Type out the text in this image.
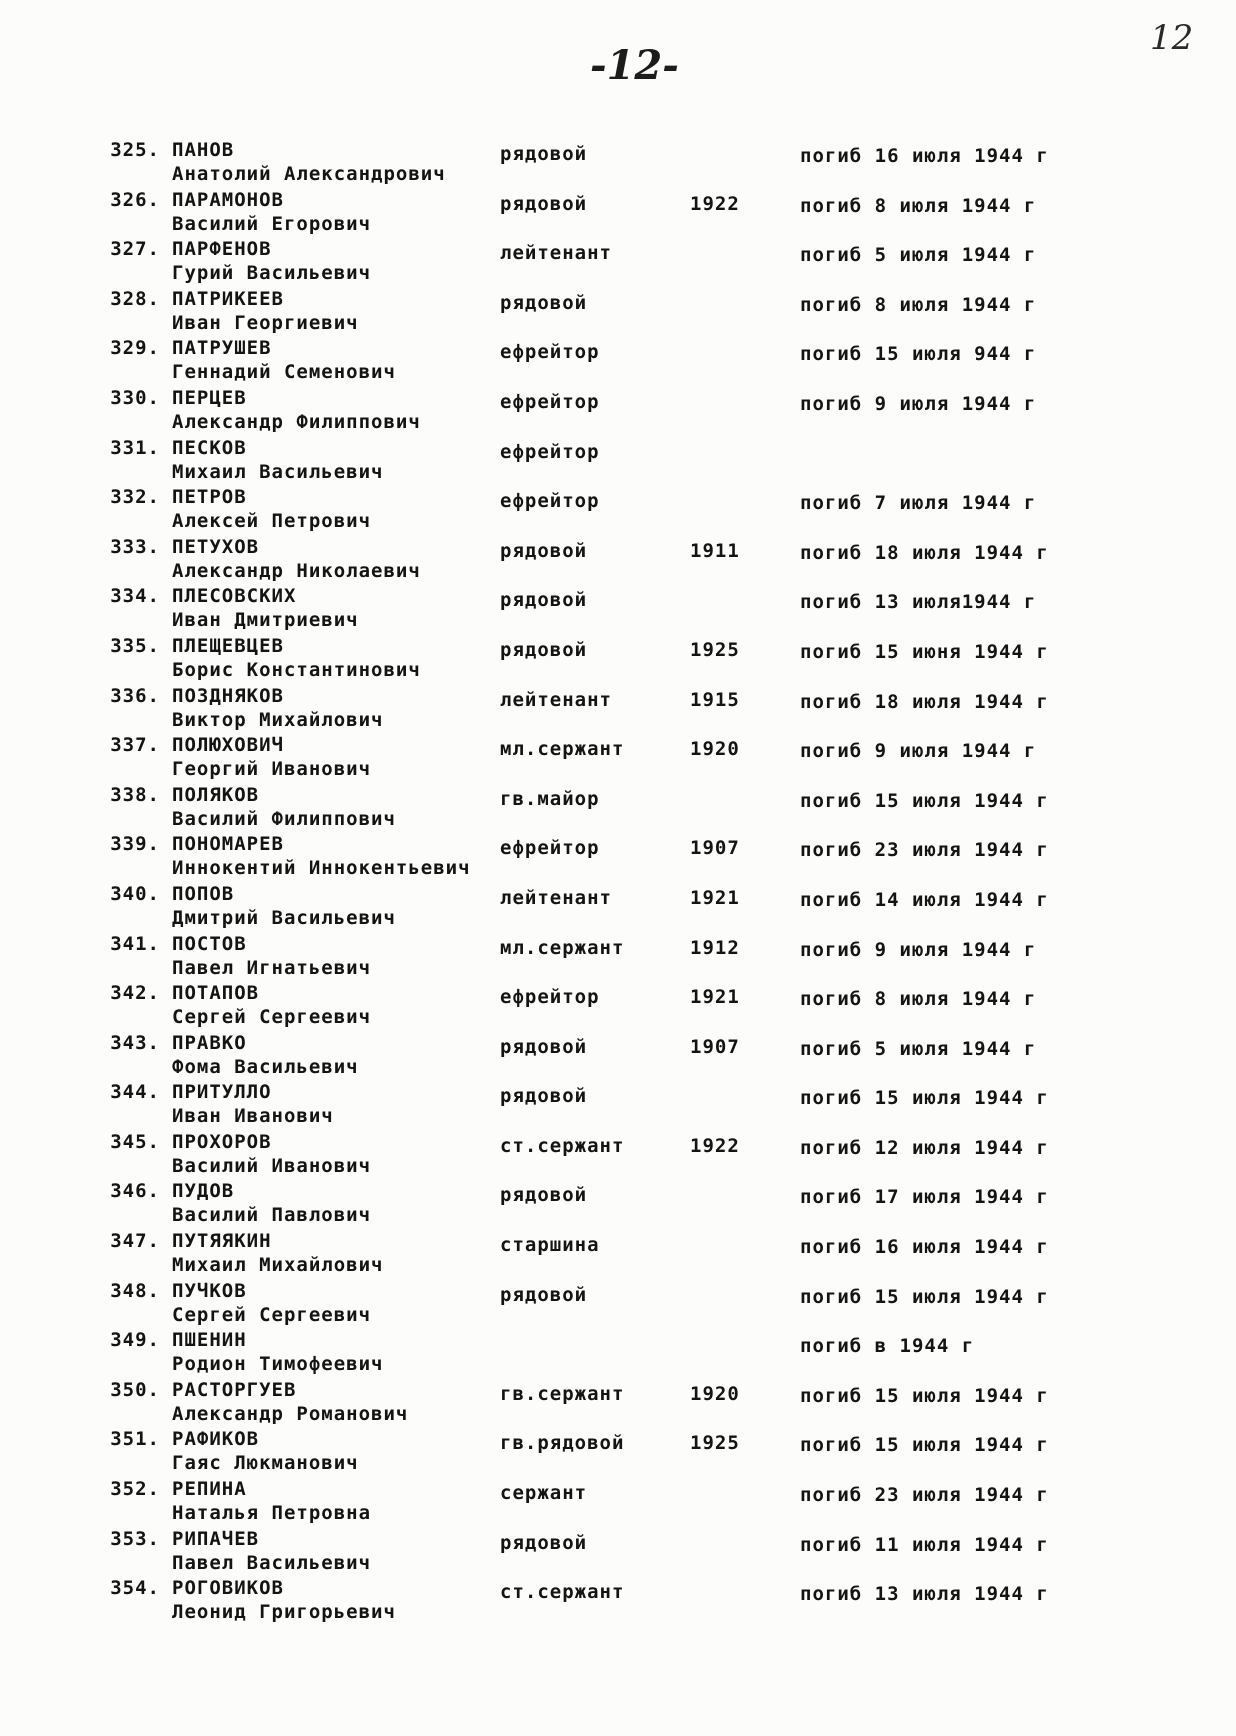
12
-12-
325. ПАНОВ
Анатолий Александрович
рядовой	погиб 16 июля 1944 г
326. ПАРАМОНОВ
Василий Егорович
рядовой	1922	погиб 8 июля 1944 г
327. ПАРФЕНОВ
Гурий Васильевич
лейтенант	погиб 5 июля 1944 г
328. ПАТРИКЕЕВ
Иван Георгиевич
рядовой	погиб 8 июля 1944 г
329. ПАТРУШЕВ
Геннадий Семенович
ефрейтор	погиб 15 июля 944 г
330. ПЕРЦЕВ
Александр Филиппович
ефрейтор	погиб 9 июля 1944 г
331. ПЕСКОВ
Михаил Васильевич
ефрейтор
332. ПЕТРОВ
Алексей Петрович
ефрейтор	погиб 7 июля 1944 г
333. ПЕТУХОВ
Александр Николаевич
рядовой	1911	погиб 18 июля 1944 г
334. ПЛЕСОВСКИХ
Иван Дмитриевич
рядовой	погиб 13 июля1944 г
335. ПЛЕЩЕВЦЕВ
Борис Константинович
рядовой	1925	погиб 15 июня 1944 г
336. ПОЗДНЯКОВ
Виктор Михайлович
лейтенант	1915	погиб 18 июля 1944 г
337. ПОЛЮХОВИЧ
Георгий Иванович
мл.сержант	1920	погиб 9 июля 1944 г
338. ПОЛЯКОВ
Василий Филиппович
гв.майор	погиб 15 июля 1944 г
339. ПОНОМАРЕВ
Иннокентий Иннокентьевич
ефрейтор	1907	погиб 23 июля 1944 г
340. ПОПОВ
Дмитрий Васильевич
лейтенант	1921	погиб 14 июля 1944 г
341. ПОСТОВ
Павел Игнатьевич
мл.сержант	1912	погиб 9 июля 1944 г
342. ПОТАПОВ
Сергей Сергеевич
ефрейтор	1921	погиб 8 июля 1944 г
343. ПРАВКО
Фома Васильевич
рядовой	1907	погиб 5 июля 1944 г
344. ПРИТУЛЛО
Иван Иванович
рядовой	погиб 15 июля 1944 г
345. ПРОХОРОВ
Василий Иванович
ст.сержант	1922	погиб 12 июля 1944 г
346. ПУДОВ
Василий Павлович
рядовой	погиб 17 июля 1944 г
347. ПУТЯЯКИН
Михаил Михайлович
старшина	погиб 16 июля 1944 г
348. ПУЧКОВ
Сергей Сергеевич
рядовой	погиб 15 июля 1944 г
349. ПШЕНИН
Родион Тимофеевич
погиб в 1944 г
350. РАСТОРГУЕВ
Александр Романович
гв.сержант	1920	погиб 15 июля 1944 г
351. РАФИКОВ
Гаяс Люкманович
гв.рядовой	1925	погиб 15 июля 1944 г
352. РЕПИНА
Наталья Петровна
сержант	погиб 23 июля 1944 г
353. РИПАЧЕВ
Павел Васильевич
рядовой	погиб 11 июля 1944 г
354. РОГОВИКОВ
Леонид Григорьевич
ст.сержант	погиб 13 июля 1944 г
